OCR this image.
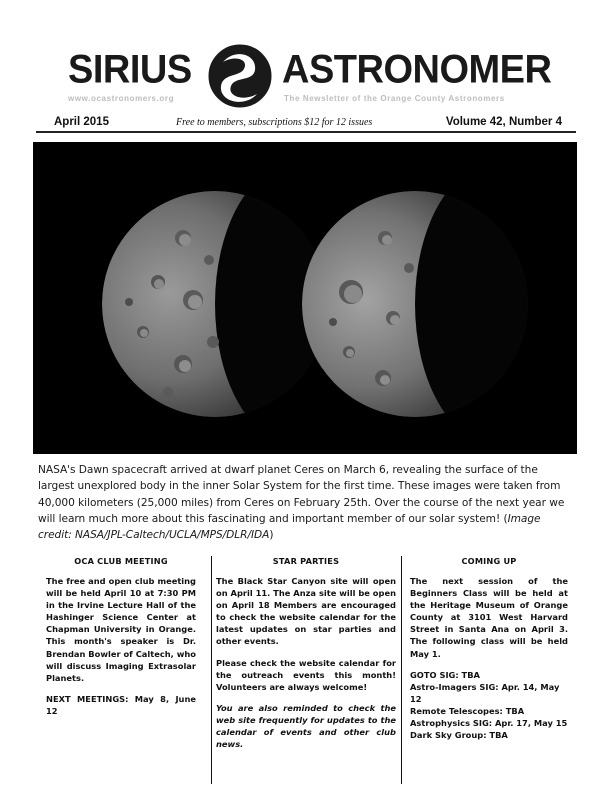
SIRIUS ASTRONOMER
www.ocastronomers.org	The Newsletter of the Orange County Astronomers
April 2015	Free to members, subscriptions $12 for 12 issues	Volume 42, Number 4
NASA's Dawn spacecraft arrived at dwarf planet Ceres on March 6, revealing the surface of the largest unexplored body in the inner Solar System for the first time. These images were taken from 40,000 kilometers (25,000 miles) from Ceres on February 25th. Over the course of the next year we will learn much more about this fascinating and important member of our solar system! (Image credit: NASA/JPL-Caltech/UCLA/MPS/DLR/IDA)
OCA CLUB MEETING

The free and open club meeting will be held April 10 at 7:30 PM in the Irvine Lecture Hall of the Hashinger Science Center at Chapman University in Orange. This month's speaker is Dr. Brendan Bowler of Caltech, who will discuss Imaging Extrasolar Planets.

NEXT MEETINGS: May 8, June 12

STAR PARTIES

The Black Star Canyon site will open on April 11. The Anza site will be open on April 18 Members are encouraged to check the website calendar for the latest updates on star parties and other events.

Please check the website calendar for the outreach events this month! Volunteers are always welcome!

You are also reminded to check the web site frequently for updates to the calendar of events and other club news.

COMING UP

The next session of the Beginners Class will be held at the Heritage Museum of Orange County at 3101 West Harvard Street in Santa Ana on April 3. The following class will be held May 1.

GOTO SIG: TBA
Astro-Imagers SIG: Apr. 14, May 12
Remote Telescopes: TBA
Astrophysics SIG: Apr. 17, May 15
Dark Sky Group: TBA
